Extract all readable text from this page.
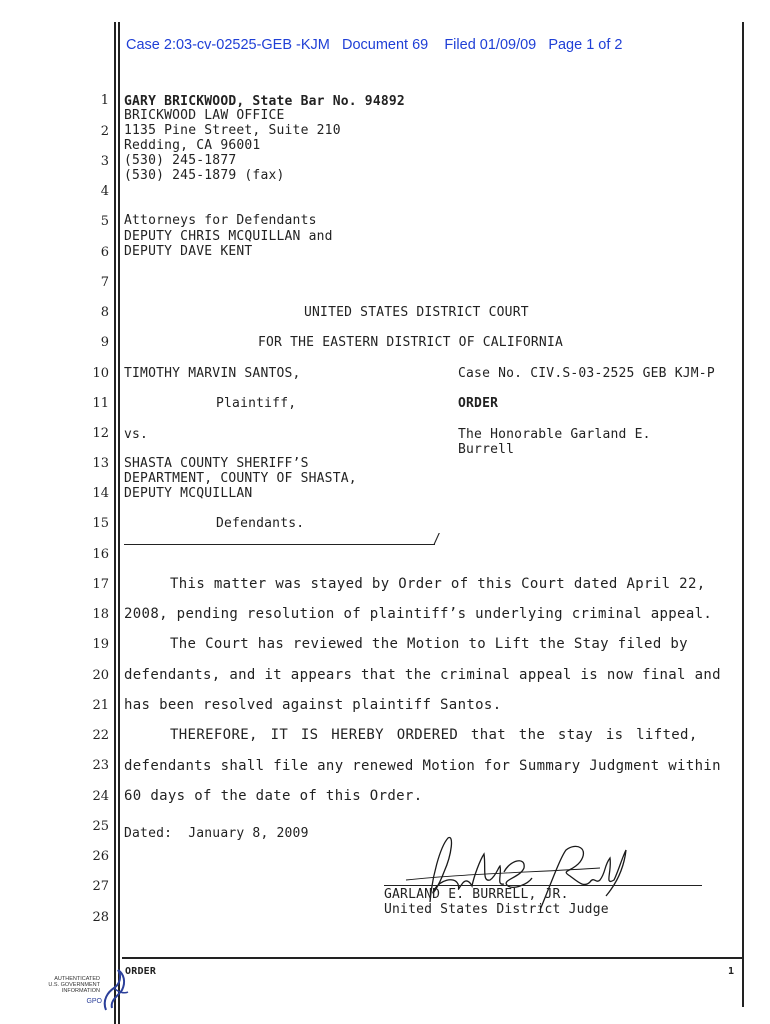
Case 2:03-cv-02525-GEB -KJM   Document 69    Filed 01/09/09   Page 1 of 2
1
2
3
4
5
6
7
8
9
10
11
12
13
14
15
16
17
18
19
20
21
22
23
24
25
26
27
28
GARY BRICKWOOD, State Bar No. 94892
BRICKWOOD LAW OFFICE
1135 Pine Street, Suite 210
Redding, CA 96001
(530) 245-1877
(530) 245-1879 (fax)
Attorneys for Defendants
DEPUTY CHRIS MCQUILLAN and
DEPUTY DAVE KENT
UNITED STATES DISTRICT COURT
FOR THE EASTERN DISTRICT OF CALIFORNIA
TIMOTHY MARVIN SANTOS,
Plaintiff,
vs.
SHASTA COUNTY SHERIFF’S
DEPARTMENT, COUNTY OF SHASTA,
DEPUTY MCQUILLAN
Defendants.
/
Case No. CIV.S-03-2525 GEB KJM-P
ORDER
The Honorable Garland E.
Burrell
This matter was stayed by Order of this Court dated April 22,
2008, pending resolution of plaintiff’s underlying criminal appeal.
The Court has reviewed the Motion to Lift the Stay filed by
defendants, and it appears that the criminal appeal is now final and
has been resolved against plaintiff Santos.
THEREFORE, IT IS HEREBY ORDERED that the stay is lifted,
defendants shall file any renewed Motion for Summary Judgment within
60 days of the date of this Order.
Dated:  January 8, 2009
GARLAND E. BURRELL, JR.
United States District Judge
ORDER	1
AUTHENTICATED
U.S. GOVERNMENT
INFORMATION
GPO
